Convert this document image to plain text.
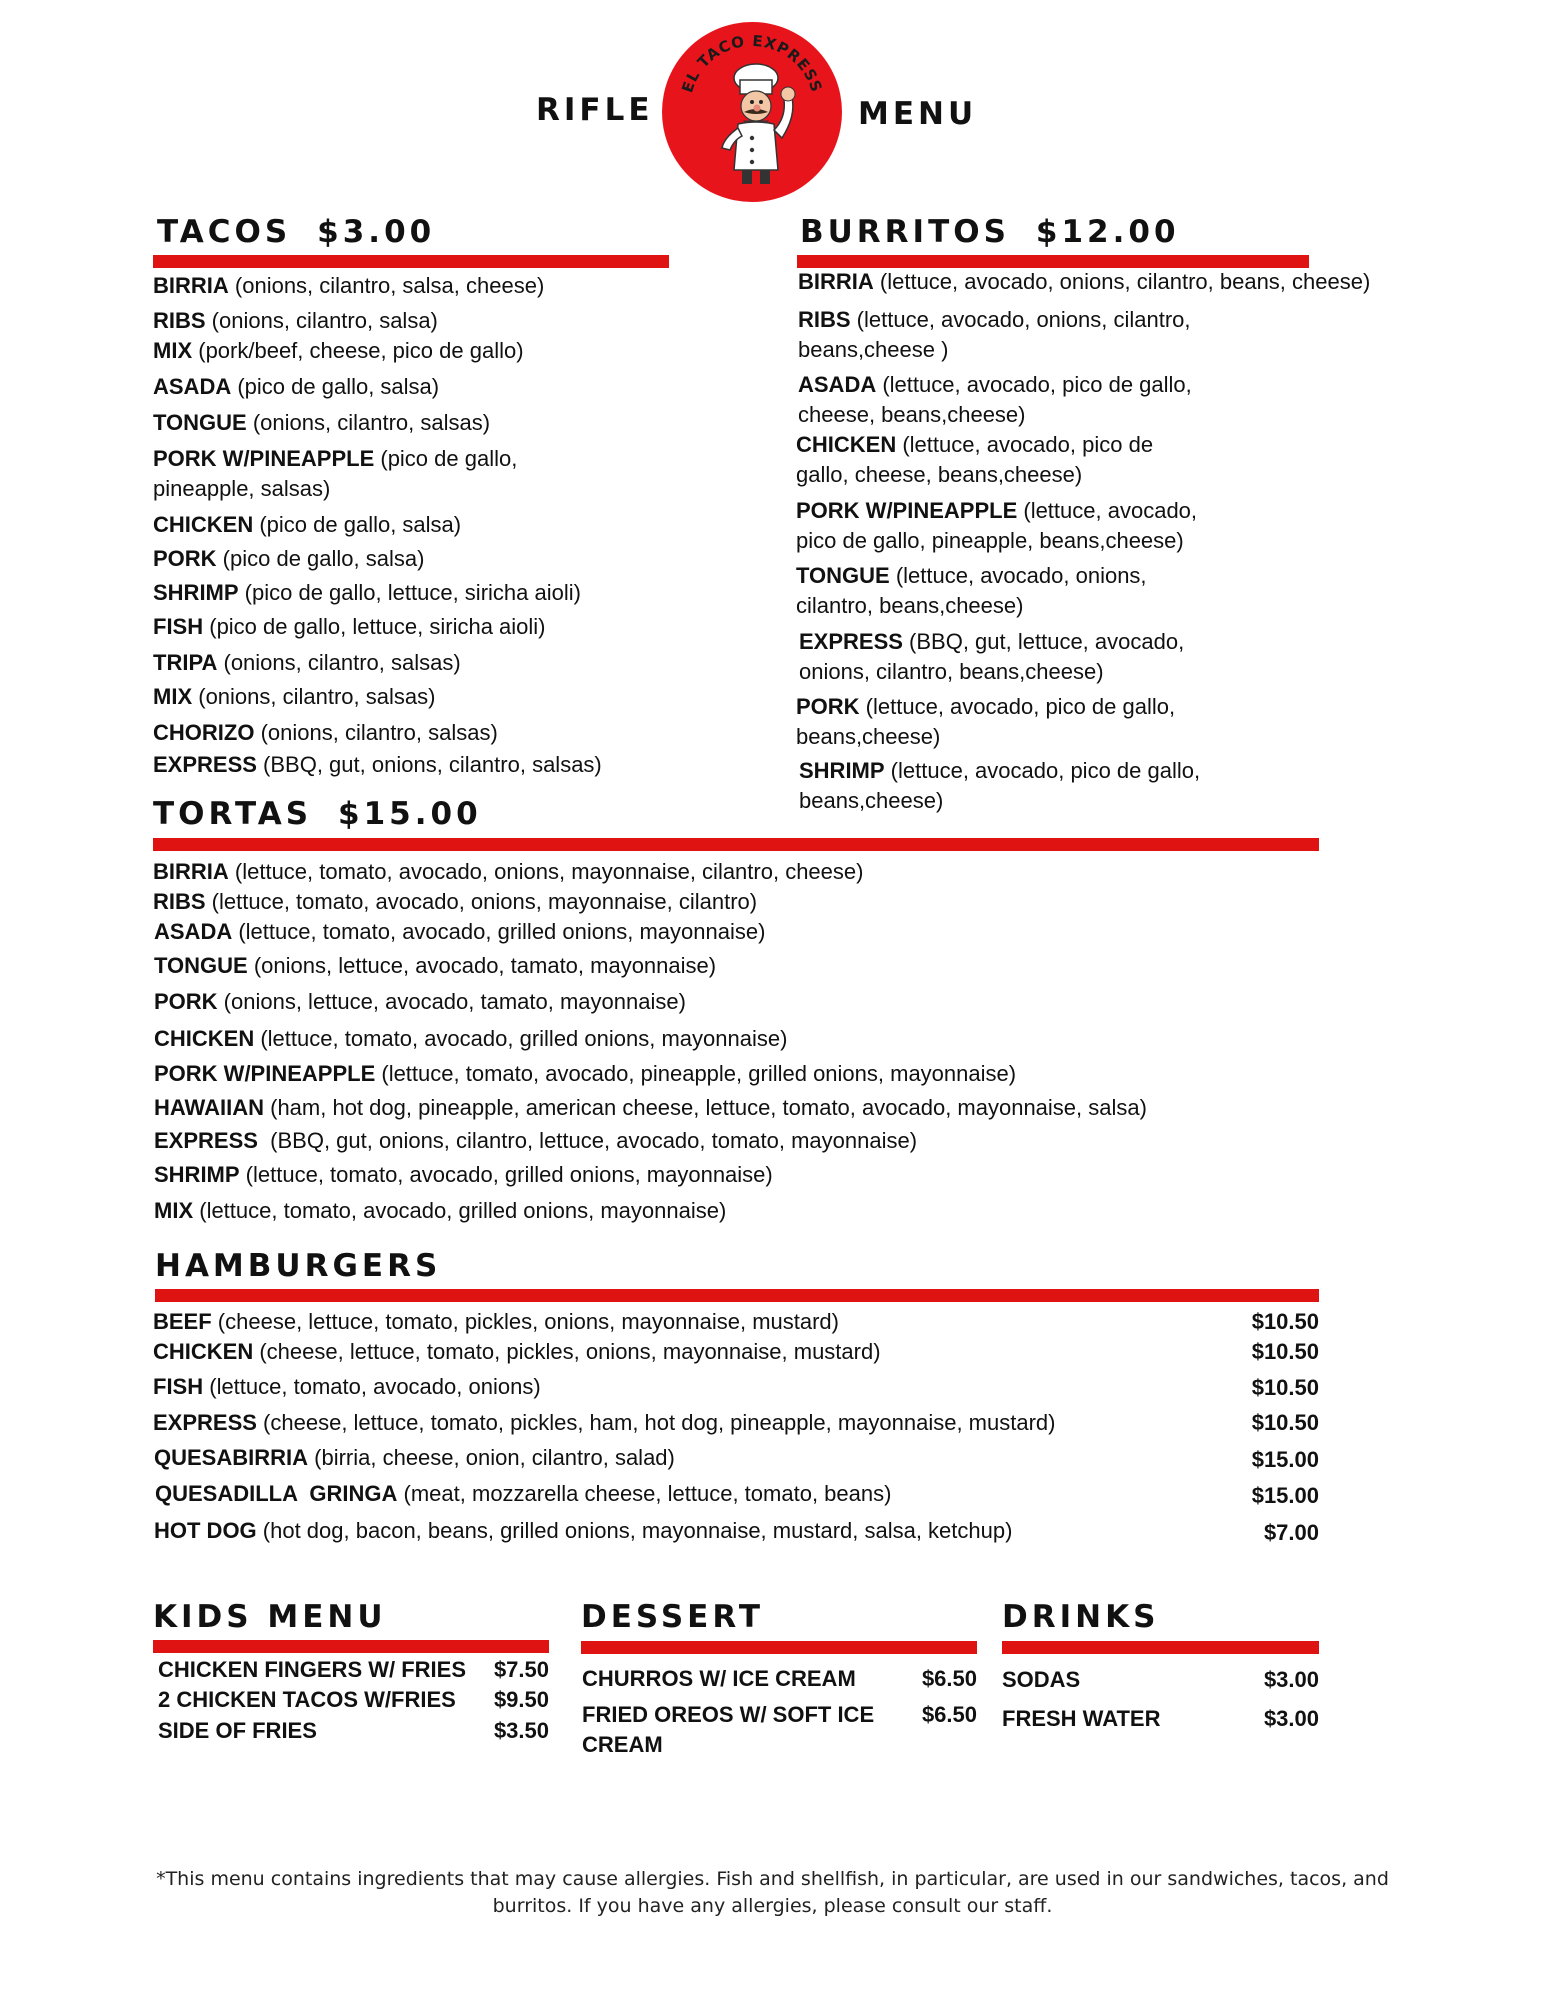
RIFLE	MENU
EL TACO EXPRESS
TACOS $3.00
BIRRIA (onions, cilantro, salsa, cheese)
RIBS (onions, cilantro, salsa)
MIX (pork/beef, cheese, pico de gallo)
ASADA (pico de gallo, salsa)
TONGUE (onions, cilantro, salsas)
PORK W/PINEAPPLE (pico de gallo, pineapple, salsas)
CHICKEN (pico de gallo, salsa)
PORK (pico de gallo, salsa)
SHRIMP (pico de gallo, lettuce, siricha aioli)
FISH (pico de gallo, lettuce, siricha aioli)
TRIPA (onions, cilantro, salsas)
MIX (onions, cilantro, salsas)
CHORIZO (onions, cilantro, salsas)
EXPRESS (BBQ, gut, onions, cilantro, salsas)
BURRITOS $12.00
BIRRIA (lettuce, avocado, onions, cilantro, beans, cheese)
RIBS (lettuce, avocado, onions, cilantro, beans,cheese )
ASADA (lettuce, avocado, pico de gallo, cheese, beans,cheese)
CHICKEN (lettuce, avocado, pico de gallo, cheese, beans,cheese)
PORK W/PINEAPPLE (lettuce, avocado, pico de gallo, pineapple, beans,cheese)
TONGUE (lettuce, avocado, onions, cilantro, beans,cheese)
EXPRESS (BBQ, gut, lettuce, avocado, onions, cilantro, beans,cheese)
PORK (lettuce, avocado, pico de gallo, beans,cheese)
SHRIMP (lettuce, avocado, pico de gallo, beans,cheese)
TORTAS $15.00
BIRRIA (lettuce, tomato, avocado, onions, mayonnaise, cilantro, cheese)
RIBS (lettuce, tomato, avocado, onions, mayonnaise, cilantro)
ASADA (lettuce, tomato, avocado, grilled onions, mayonnaise)
TONGUE (onions, lettuce, avocado, tamato, mayonnaise)
PORK (onions, lettuce, avocado, tamato, mayonnaise)
CHICKEN (lettuce, tomato, avocado, grilled onions, mayonnaise)
PORK W/PINEAPPLE (lettuce, tomato, avocado, pineapple, grilled onions, mayonnaise)
HAWAIIAN (ham, hot dog, pineapple, american cheese, lettuce, tomato, avocado, mayonnaise, salsa)
EXPRESS  (BBQ, gut, onions, cilantro, lettuce, avocado, tomato, mayonnaise)
SHRIMP (lettuce, tomato, avocado, grilled onions, mayonnaise)
MIX (lettuce, tomato, avocado, grilled onions, mayonnaise)
HAMBURGERS
BEEF (cheese, lettuce, tomato, pickles, onions, mayonnaise, mustard)	$10.50
CHICKEN (cheese, lettuce, tomato, pickles, onions, mayonnaise, mustard)	$10.50
FISH (lettuce, tomato, avocado, onions)	$10.50
EXPRESS (cheese, lettuce, tomato, pickles, ham, hot dog, pineapple, mayonnaise, mustard)	$10.50
QUESABIRRIA (birria, cheese, onion, cilantro, salad)	$15.00
QUESADILLA  GRINGA (meat, mozzarella cheese, lettuce, tomato, beans)	$15.00
HOT DOG (hot dog, bacon, beans, grilled onions, mayonnaise, mustard, salsa, ketchup)	$7.00
KIDS MENU
CHICKEN FINGERS W/ FRIES	$7.50
2 CHICKEN TACOS W/FRIES	$9.50
SIDE OF FRIES	$3.50
DESSERT
CHURROS W/ ICE CREAM	$6.50
FRIED OREOS W/ SOFT ICE CREAM
$6.50
DRINKS
SODAS	$3.00
FRESH WATER	$3.00
*This menu contains ingredients that may cause allergies. Fish and shellfish, in particular, are used in our sandwiches, tacos, and burritos. If you have any allergies, please consult our staff.
